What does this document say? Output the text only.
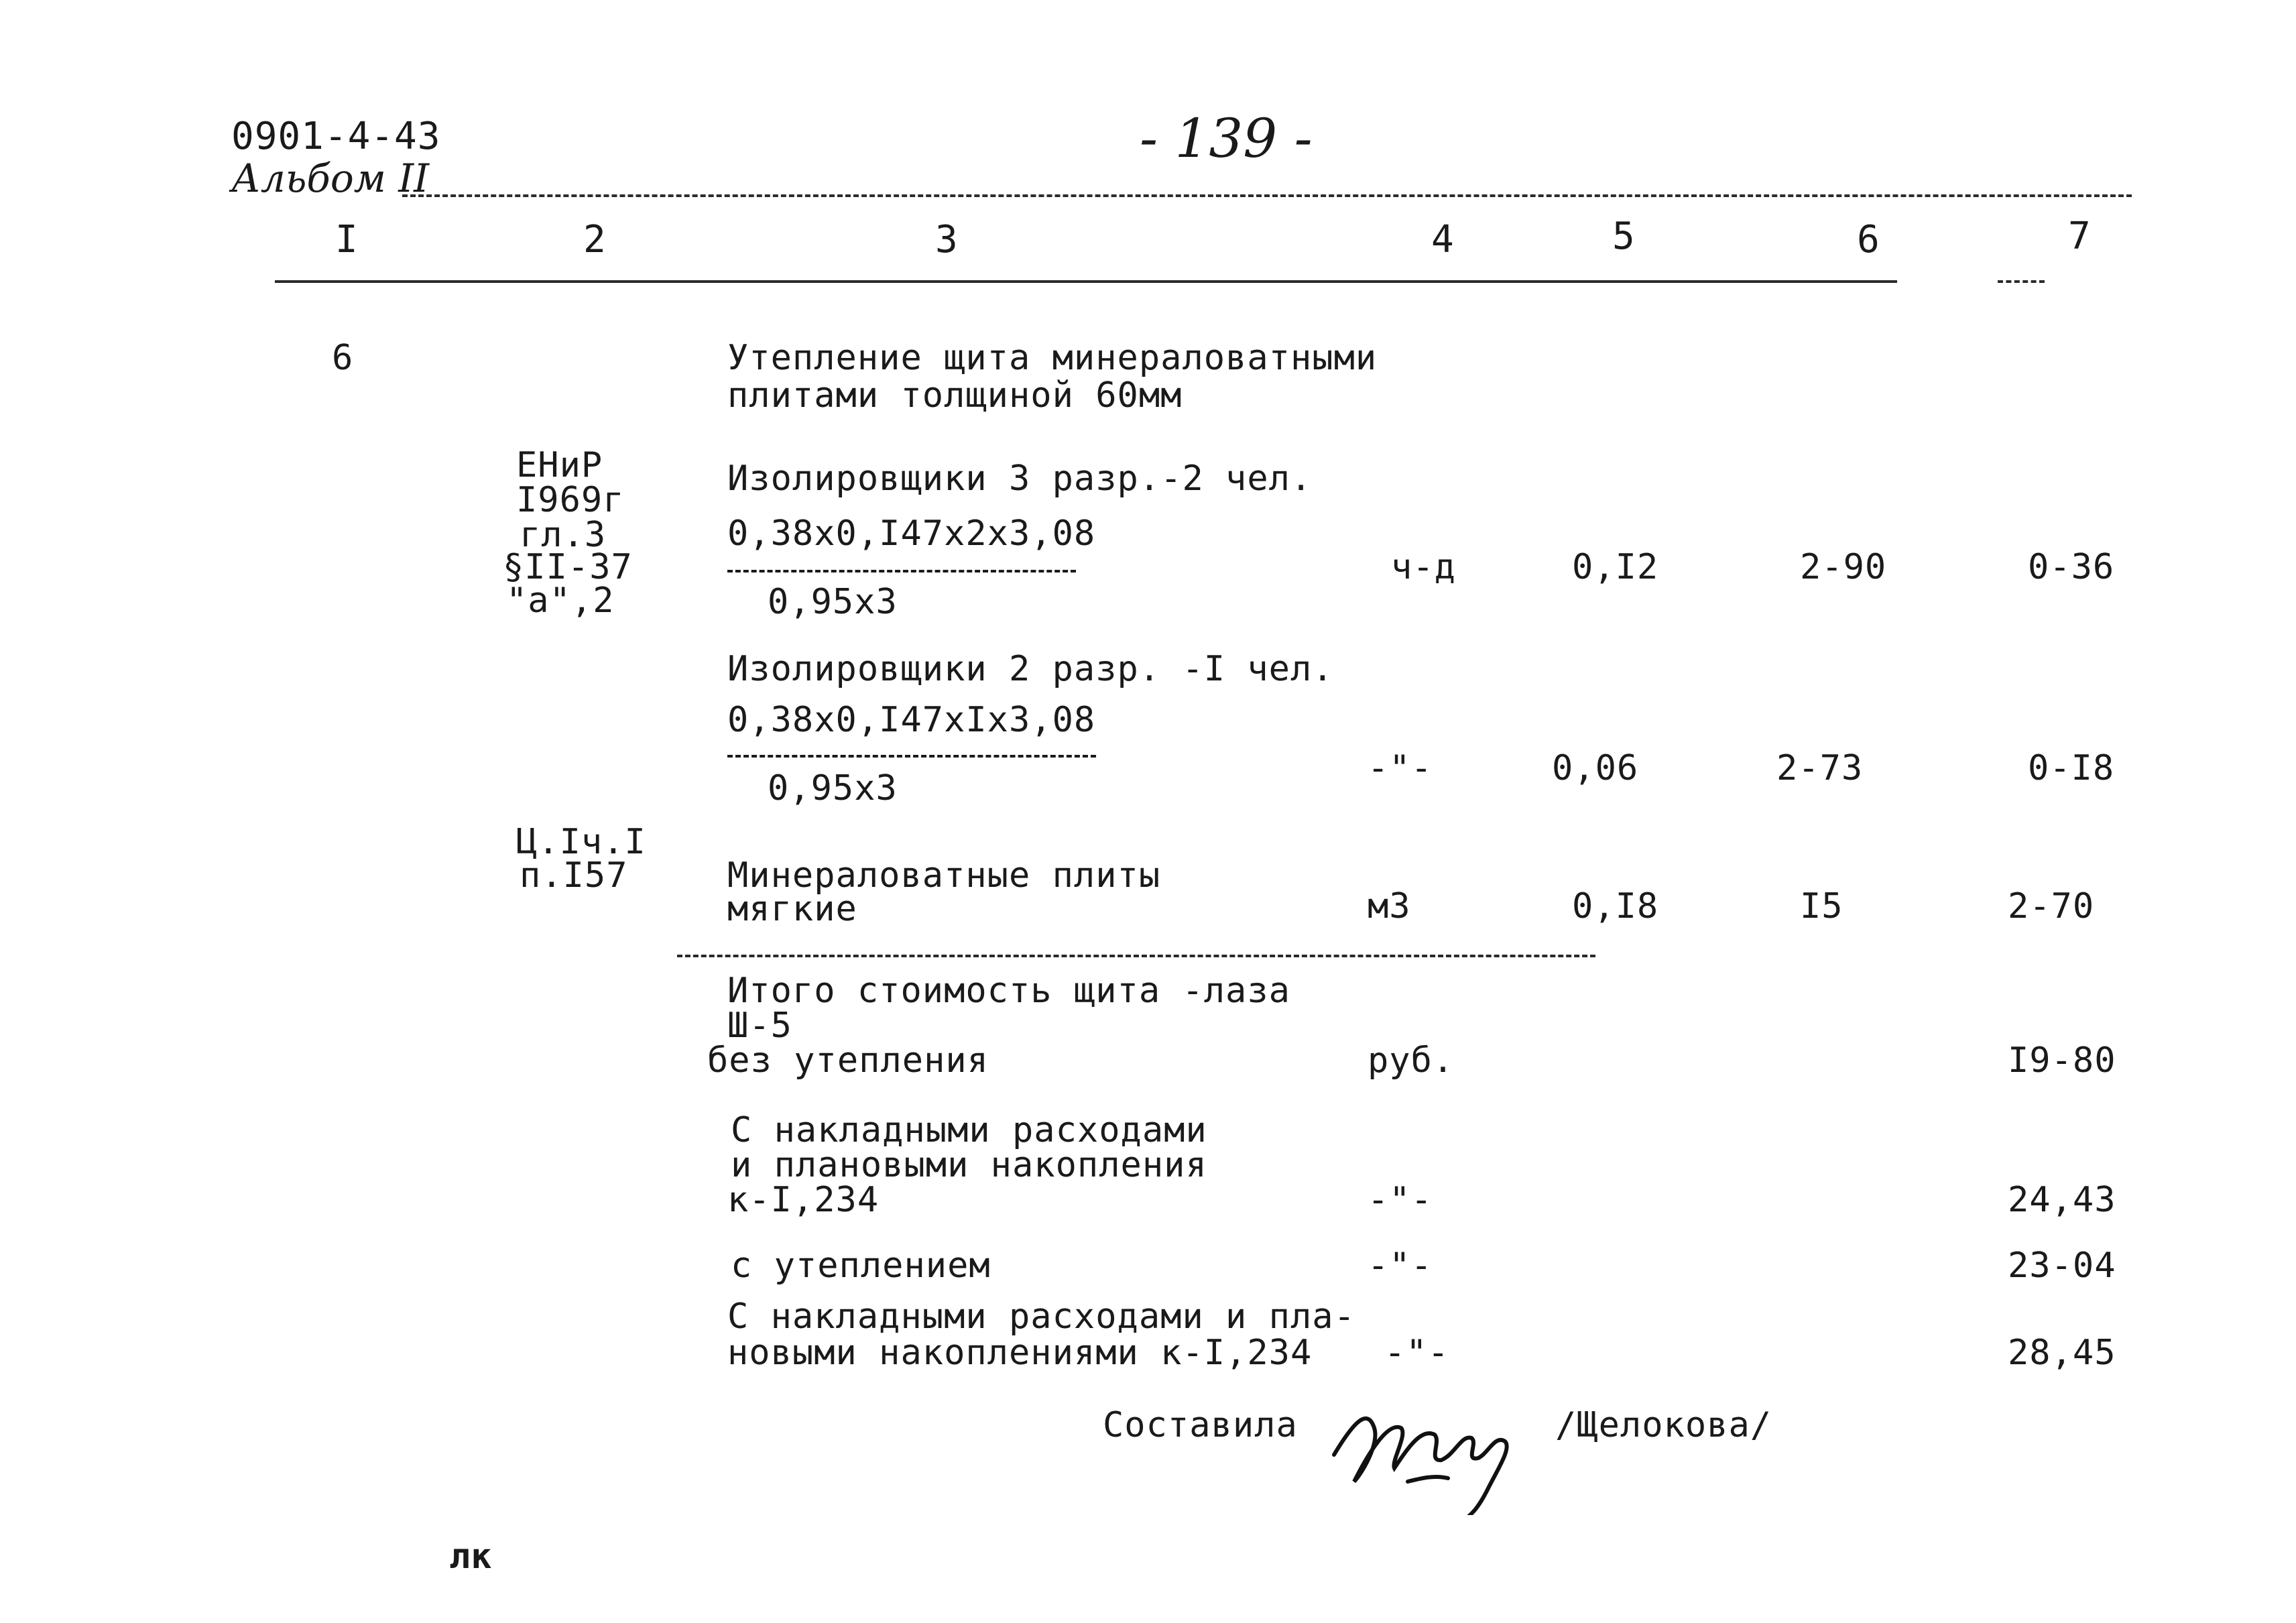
0901-4-43
Альбом IІ
- 139 -
I	2	3	4	5	6	7
6	Утепление щита минераловатными
плитами толщиной 60мм
ЕНиР
I969г
гл.3
§II-37
"а",2
Изолировщики 3 разр.-2 чел.
0,38х0,I47х2х3,08
0,95х3
ч-д	0,I2	2-90	0-36
Изолировщики 2 разр. -I чел.
0,38х0,I47хIх3,08
0,95х3	-"-	0,06	2-73	0-I8
Ц.Iч.I
п.I57	Минераловатные плиты
мягкие	м3	0,I8	I5	2-70
Итого стоимость щита -лаза
Ш-5
без утепления	руб.	I9-80
С накладными расходами
и плановыми накопления
к-I,234	-"-	24,43
с утеплением	-"-	23-04
С накладными расходами и пла-
новыми накоплениями к-I,234 -"-	28,45
Составила	/Щелокова/
лк
